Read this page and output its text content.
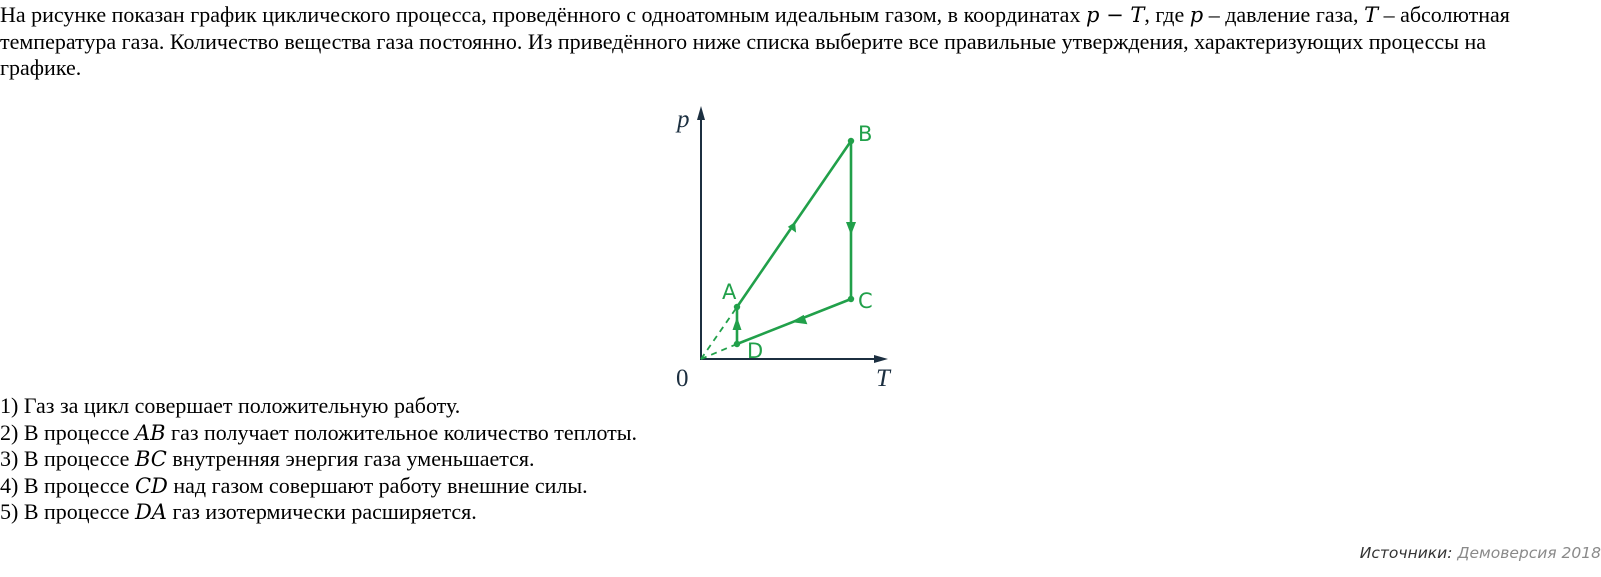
На рисунке показан график циклического процесса, проведённого с одноатомным идеальным газом, в координатах p − T, где p – давление газа, T – абсолютная температура газа. Количество вещества газа постоянно. Из приведённого ниже списка выберите все правильные утверждения, характеризующих процессы на графике.
A
B
C
D
p
T
0
1) Газ за цикл совершает положительную работу.
2) В процессе AB газ получает положительное количество теплоты.
3) В процессе BC внутренняя энергия газа уменьшается.
4) В процессе CD над газом совершают работу внешние силы.
5) В процессе DA газ изотермически расширяется.
Источники: Демоверсия 2018
